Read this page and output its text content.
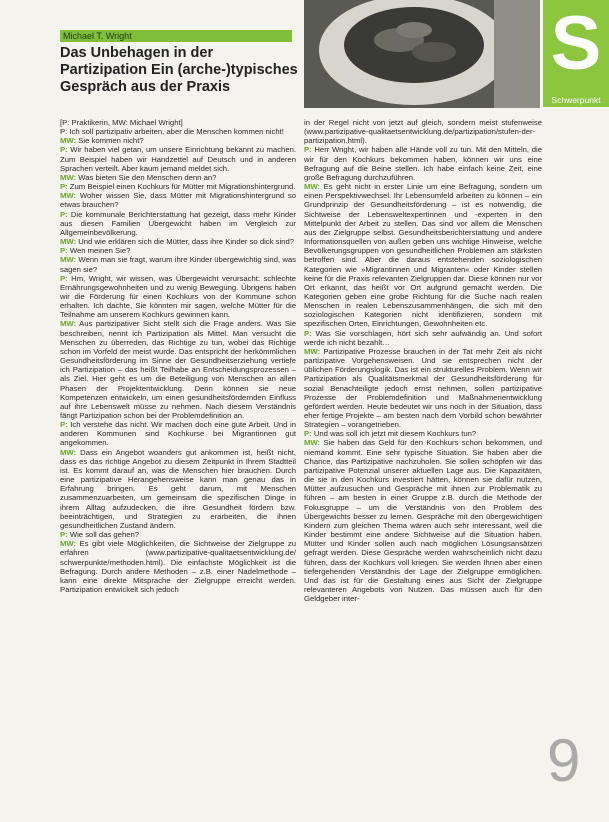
Michael T. Wright
Das Unbehagen in der Partizipation Ein (arche-)typisches Gespräch aus der Praxis
S
Schwerpunkt

[P: Praktikerin, MW: Michael Wright]

P: Ich soll partizipativ arbeiten, aber die Menschen kommen nicht!

MW: Sie kommen nicht?

P: Wir haben viel getan, um unsere Einrichtung bekannt zu machen. Zum Beispiel haben wir Handzettel auf Deutsch und in anderen Sprachen verteilt. Aber kaum jemand meldet sich.

MW: Was bieten Sie den Menschen denn an?

P: Zum Beispiel einen Kochkurs für Mütter mit Migrationshintergrund.

MW: Woher wissen Sie, dass Mütter mit Migrationshintergrund so etwas brauchen?

P: Die kommunale Berichterstattung hat gezeigt, dass mehr Kinder aus diesen Familien Übergewicht haben im Vergleich zur Allgemeinbevölkerung.

MW: Und wie erklären sich die Mütter, dass ihre Kinder so dick sind?

P: Wen meinen Sie?

MW: Wenn man sie fragt, warum ihre Kinder übergewichtig sind, was sagen sie?

P: Hm, Wright, wir wissen, was Übergewicht verursacht: schlechte Ernährungsgewohnheiten und zu wenig Bewegung. Übrigens haben wir die Förderung für einen Kochkurs von der Kommune schon erhalten. Ich dachte, Sie könnten mir sagen, welche Mütter für die Teilnahme am unserem Kochkurs gewinnen kann.

MW: Aus partizipativer Sicht stellt sich die Frage anders. Was Sie beschreiben, nennt ich Partizipation als Mittel. Man versucht die Menschen zu überreden, das Richtige zu tun, wobei das Richtige schon im Vorfeld der meist wurde. Das entspricht der herkömmlichen Gesundheitsförderung im Sinne der Gesundheitserziehung vertiefe ich Partizipation – das heißt Teilhabe an Entscheidungsprozessen – als Ziel. Hier geht es um die Beteiligung von Menschen an allen Phasen der Projektentwicklung. Denn können sie neue Kompetenzen entwickeln, um einen gesundheitsfördernden Einfluss auf ihre Lebenswelt müsse zu nehmen. Nach diesem Verständnis fängt Partizipation schon bei der Problemdefinition an.

P: Ich verstehe das nicht. Wir machen doch eine gute Arbeit. Und in anderen Kommunen sind Kochkurse bei Migrantinnen gut angekommen.

MW: Dass ein Angebot woanders gut ankommen ist, heißt nicht, dass es das richtige Angebot zu diesem Zeitpunkt in Ihrem Stadtteil ist. Es kommt darauf an, was die Menschen hier brauchen. Durch eine partizipative Herangehensweise kann man genau das in Erfahrung bringen. Es geht darum, mit Menschen zusammenzuarbeiten, um gemeinsam die spezifischen Dinge in ihrem Alltag aufzudecken, die ihre Gesundheit fördern bzw. beeinträchtigen, und Strategien zu erarbeiten, die ihnen gesundheitlichen Zustand ändern.

P: Wie soll das gehen?

MW: Es gibt viele Möglichkeiten, die Sichtweise der Zielgruppe zu erfahren (www.partizipative-qualitaetsentwicklung.de/ schwerpunkte/methoden.html). Die einfachste Möglichkeit ist die Befragung. Durch andere Methoden – z.B. einer Nadelmethode – kann eine direkte Mitsprache der Zielgruppe erreicht werden. Partizipation entwickelt sich jedoch

in der Regel nicht von jetzt auf gleich, sondern meist stufenweise (www.partizipative-qualitaetsentwicklung.de/partizipation/stufen-der-partizipation.html).

P: Herr Wright, wir haben alle Hände voll zu tun. Mit den Mitteln, die wir für den Kochkurs bekommen haben, können wir uns eine Befragung auf die Beine stellen. Ich habe einfach keine Zeit, eine große Befragung durchzuführen.

MW: Es geht nicht in erster Linie um eine Befragung, sondern um einen Perspektivwechsel. Ihr Lebensumfeld arbeiten zu können – ein Grundprinzip der Gesundheitsförderung – ist es notwendig, die Sichtweise der Lebensweltexpertinnen und -experten in den Mittelpunkt der Arbeit zu stellen. Das sind vor allem die Menschen aus der Zielgruppe selbst. Gesundheitsberichterstattung und andere Informationsquellen von außen geben uns wichtige Hinweise, welche Bevölkerungsgruppen von gesundheitlichen Problemen am stärksten betroffen sind. Aber die daraus entstehenden soziologischen Kategorien wie »Migrantinnen und Migranten« oder Kinder stellen keine für die Praxis relevanten Zielgruppen dar. Diese können nur vor Ort erkannt, das heißt vor Ort aufgrund gemacht werden. Die Kategorien geben eine grobe Richtung für die Suche nach realen Menschen in realen Lebenszusammenhängen, die sich mit den soziologischen Kategorien nicht identifizieren, sondern mit spezifischen Orten, Einrichtungen, Gewohnheiten etc.

P: Was Sie vorschlagen, hört sich sehr aufwändig an. Und sofort werde ich nicht bezahlt…

MW: Partizipative Prozesse brauchen in der Tat mehr Zeit als nicht partizipative Vorgehensweisen. Und sie entsprechen nicht der üblichen Förderungslogik. Das ist ein strukturelles Problem. Wenn wir Partizipation als Qualitätsmerkmal der Gesundheitsförderung für sozial Benachteiligte jedoch ernst nehmen, sollen partizipative Prozesse der Problemdefinition und Maßnahmenentwicklung gefördert werden. Heute bedeutet wir uns noch in der Situation, dass eher fertige Projekte – am besten nach dem Vorbild schon bewährter Strategien – vorangetrieben.

P: Und was soll ich jetzt mit diesem Kochkurs tun?

MW: Sie haben das Geld für den Kochkurs schon bekommen, und niemand kommt. Eine sehr typische Situation. Sie haben aber die Chance, das Partizipative nachzuholen. Sie sollen schöpfen wir das partizipative Potenzial unserer aktuellen Lage aus. Die Kapazitäten, die sie in den Kochkurs investiert hätten, können sie dafür nutzen, Mütter aufzusuchen und Gespräche mit ihnen zur Problematik zu führen – am besten in einer Gruppe z.B. durch die Methode der Fokusgruppe – um die Verständnis von den Problem des Übergewichts besser zu lernen. Gespräche mit den übergewichtigen Kindern zum gleichen Thema wären auch sehr interessant, weil die Kinder bestimmt eine andere Sichtweise auf die Situation haben. Mütter und Kinder sollen auch nach möglichen Lösungsansätzen gefragt werden. Diese Gespräche werden wahrscheinlich nicht dazu führen, dass der Kochkurs voll kriegen. Sie werden Ihnen aber einen tiefergehenden Verständnis der Lage der Zielgruppe ermöglichen. Und das ist für die Gestaltung eines aus Sicht der Zielgruppe relevanteren Angebots von Nutzen. Das müssen auch für den Geldgeber inter-

9
